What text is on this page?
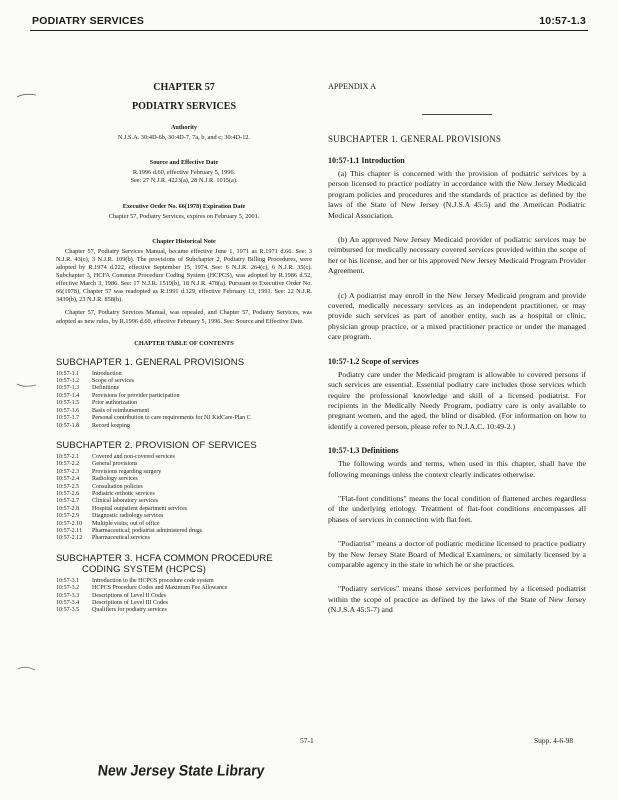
PODIATRY SERVICES	10:57-1.3
CHAPTER 57
PODIATRY SERVICES
Authority
N.J.S.A. 30:4D-6b, 30:4D-7, 7a, b, and c; 30:4D-12.
Source and Effective Date
R.1996 d.60, effective February 5, 1996.
See: 27 N.J.R. 4223(a), 28 N.J.R. 1015(a).
Executive Order No. 66(1978) Expiration Date
Chapter 57, Podiatry Services, expires on February 5, 2001.
Chapter Historical Note

Chapter 57, Podiatry Services Manual, became effective June 1, 1971 as R.1971 d.66. See: 3 N.J.R. 43(c), 3 N.J.R. 109(b). The provisions of Subchapter 2, Podiatry Billing Procedures, were adopted by R.1974 d.222, effective September 15, 1974. See: 6 N.J.R. 264(c), 6 N.J.R. 35(c). Subchapter 3, HCFA Common Procedure Coding System (HCPCS), was adopted by R.1986 d.52, effective March 3, 1986. See: 17 N.J.R. 1519(b), 18 N.J.R. 478(a). Pursuant to Executive Order No. 66(1978), Chapter 57 was readopted as R.1991 d.129, effective February 13, 1991. See: 22 N.J.R. 3439(b), 23 N.J.R. 858(b).

Chapter 57, Podiatry Services Manual, was repealed, and Chapter 57, Podiatry Services, was adopted as new rules, by R.1996 d.60, effective February 5, 1996. See: Source and Effective Date.

CHAPTER TABLE OF CONTENTS
SUBCHAPTER 1. GENERAL PROVISIONS
10:57-1.1	Introduction
10:57-1.2	Scope of services
10:57-1.3	Definitions
10:57-1.4	Provisions for provider participation
10:57-1.5	Prior authorization
10:57-1.6	Basis of reimbursement
10:57-1.7	Personal contribution to care requirements for NJ KidCare-Plan C
10:57-1.8	Record keeping
SUBCHAPTER 2. PROVISION OF SERVICES
10:57-2.1	Covered and non-covered services
10:57-2.2	General provisions
10:57-2.3	Provisions regarding surgery
10:57-2.4	Radiology services
10:57-2.5	Consultation policies
10:57-2.6	Podiatric orthotic services
10:57-2.7	Clinical laboratory services
10:57-2.8	Hospital outpatient department services
10:57-2.9	Diagnostic radiology services
10:57-2.10	Multiple visits; out of office
10:57-2.11	Pharmaceutical; podiatrist administered drugs
10:57-2.12	Pharmaceutical services
SUBCHAPTER 3. HCFA COMMON PROCEDURE
CODING SYSTEM (HCPCS)
10:57-3.1	Introduction to the HCPCS procedure code system
10:57-3.2	HCPCS Procedure Codes and Maximum Fee Allowance
10:57-3.3	Descriptions of Level II Codes
10:57-3.4	Descriptions of Level III Codes
10:57-3.5	Qualifiers for podiatry services
APPENDIX A
SUBCHAPTER 1. GENERAL PROVISIONS
10:57-1.1 Introduction

(a) This chapter is concerned with the provision of podiatric services by a person licensed to practice podiatry in accordance with the New Jersey Medicaid program policies and procedures and the standards of practice as defined by the laws of the State of New Jersey (N.J.S.A 45:5) and the American Podiatric Medical Association.

(b) An approved New Jersey Medicaid provider of podiatric services may be reimbursed for medically necessary covered services provided within the scope of her or his license, and her or his approved New Jersey Medicaid Program Provider Agreement.

(c) A podiatrist may enroll in the New Jersey Medicaid program and provide covered, medically necessary services as an independent practitioner, or may provide such services as part of another entity, such as a hospital or clinic, physician group practice, or a mixed practitioner practice or under the managed care program.

10:57-1.2 Scope of services

Podiatry care under the Medicaid program is allowable to covered persons if such services are essential. Essential podiatry care includes those services which require the professional knowledge and skill of a licensed podiatrist. For recipients in the Medically Needy Program, podiatry care is only available to pregnant women, and the aged, the blind or disabled. (For information on how to identify a covered person, please refer to N.J.A.C. 10:49-2.)

10:57-1.3 Definitions

The following words and terms, when used in this chapter, shall have the following meanings unless the context clearly indicates otherwise.

"Flat-foot conditions" means the local condition of flattened arches regardless of the underlying etiology. Treatment of flat-foot conditions encompasses all phases of services in connection with flat feet.

"Podiatrist" means a doctor of podiatric medicine licensed to practice podiatry by the New Jersey State Board of Medical Examiners, or similarly licensed by a comparable agency in the state in which he or she practices.

"Podiatry services" means those services performed by a licensed podiatrist within the scope of practice as defined by the laws of the State of New Jersey (N.J.S.A 45:5-7) and

57-1	Supp. 4-6-98
New Jersey State Library
